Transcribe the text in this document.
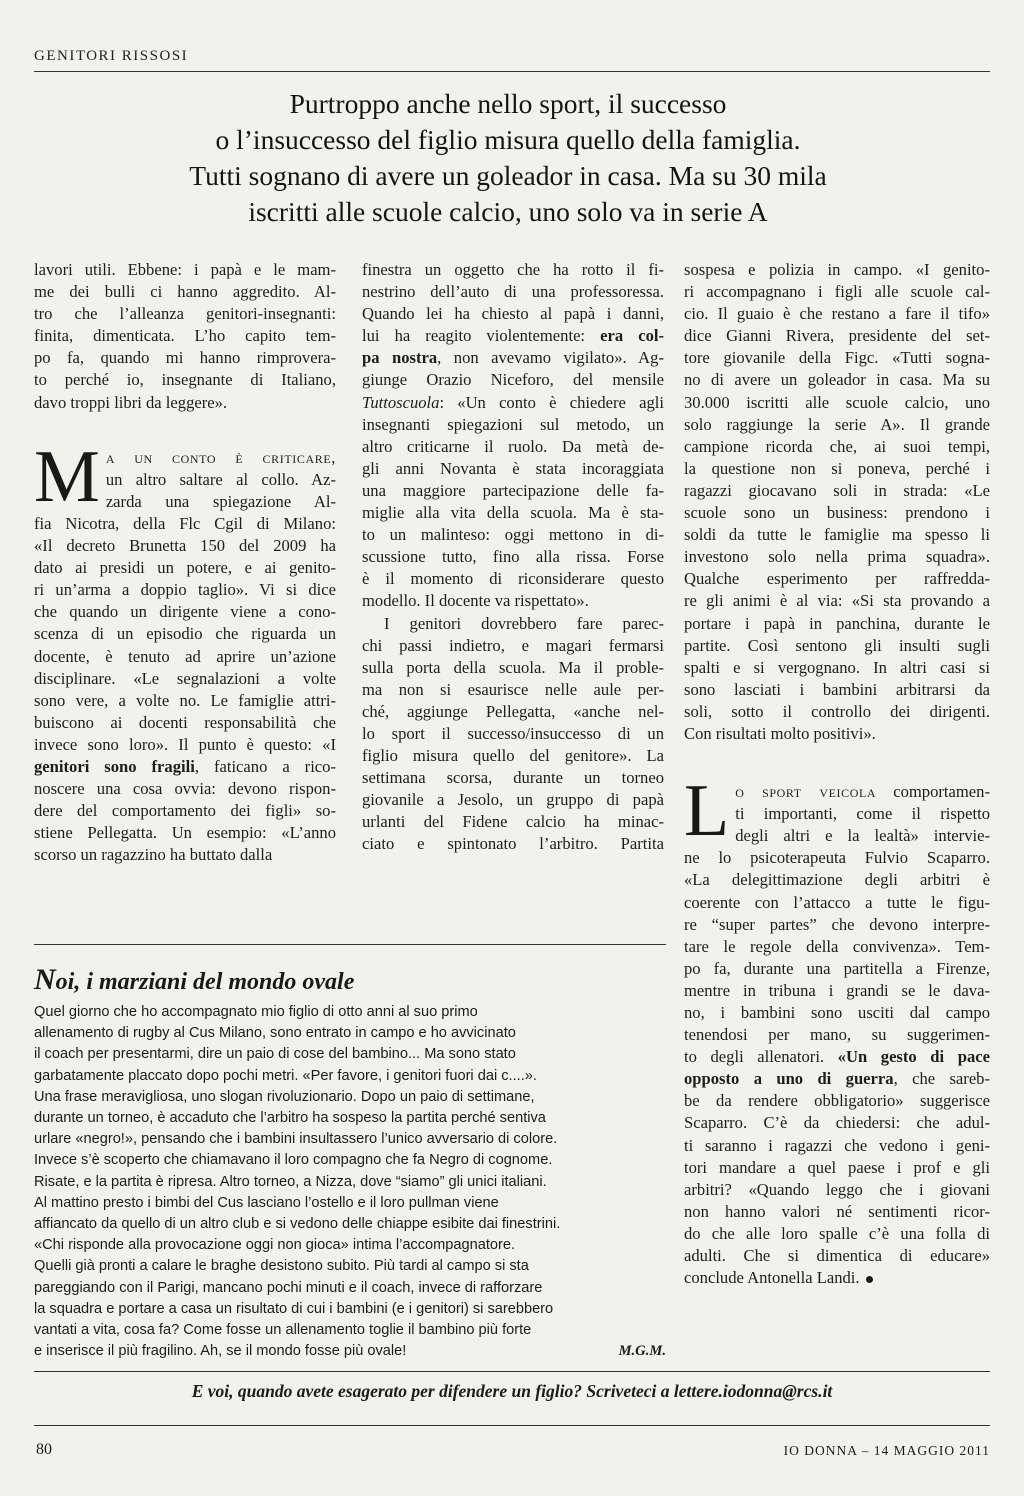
GENITORI RISSOSI
Purtroppo anche nello sport, il successo
o l’insuccesso del figlio misura quello della famiglia.
Tutti sognano di avere un goleador in casa. Ma su 30 mila
iscritti alle scuole calcio, uno solo va in serie A
lavori utili. Ebbene: i papà e le mam-
me dei bulli ci hanno aggredito. Al-
tro che l’alleanza genitori-insegnanti:
finita, dimenticata. L’ho capito tem-
po fa, quando mi hanno rimprovera-
to perché io, insegnante di Italiano,
davo troppi libri da leggere».
M a un conto è criticare,
un altro saltare al collo. Az-
zarda una spiegazione Al-
fia Nicotra, della Flc Cgil di Milano:
«Il decreto Brunetta 150 del 2009 ha
dato ai presidi un potere, e ai genito-
ri un’arma a doppio taglio». Vi si dice
che quando un dirigente viene a cono-
scenza di un episodio che riguarda un
docente, è tenuto ad aprire un’azione
disciplinare. «Le segnalazioni a volte
sono vere, a volte no. Le famiglie attri-
buiscono ai docenti responsabilità che
invece sono loro». Il punto è questo: «I
genitori sono fragili, faticano a rico-
noscere una cosa ovvia: devono rispon-
dere del comportamento dei figli» so-
stiene Pellegatta. Un esempio: «L’anno
scorso un ragazzino ha buttato dalla
finestra un oggetto che ha rotto il fi-
nestrino dell’auto di una professoressa.
Quando lei ha chiesto al papà i danni,
lui ha reagito violentemente: era col-
pa nostra, non avevamo vigilato». Ag-
giunge Orazio Niceforo, del mensile
Tuttoscuola: «Un conto è chiedere agli
insegnanti spiegazioni sul metodo, un
altro criticarne il ruolo. Da metà de-
gli anni Novanta è stata incoraggiata
una maggiore partecipazione delle fa-
miglie alla vita della scuola. Ma è sta-
to un malinteso: oggi mettono in di-
scussione tutto, fino alla rissa. Forse
è il momento di riconsiderare questo
modello. Il docente va rispettato».
I genitori dovrebbero fare parec-
chi passi indietro, e magari fermarsi
sulla porta della scuola. Ma il proble-
ma non si esaurisce nelle aule per-
ché, aggiunge Pellegatta, «anche nel-
lo sport il successo/insuccesso di un
figlio misura quello del genitore». La
settimana scorsa, durante un torneo
giovanile a Jesolo, un gruppo di papà
urlanti del Fidene calcio ha minac-
ciato e spintonato l’arbitro. Partita
sospesa e polizia in campo. «I genito-
ri accompagnano i figli alle scuole cal-
cio. Il guaio è che restano a fare il tifo»
dice Gianni Rivera, presidente del set-
tore giovanile della Figc. «Tutti sogna-
no di avere un goleador in casa. Ma su
30.000 iscritti alle scuole calcio, uno
solo raggiunge la serie A». Il grande
campione ricorda che, ai suoi tempi,
la questione non si poneva, perché i
ragazzi giocavano soli in strada: «Le
scuole sono un business: prendono i
soldi da tutte le famiglie ma spesso li
investono solo nella prima squadra».
Qualche esperimento per raffredda-
re gli animi è al via: «Si sta provando a
portare i papà in panchina, durante le
partite. Così sentono gli insulti sugli
spalti e si vergognano. In altri casi si
sono lasciati i bambini arbitrarsi da
soli, sotto il controllo dei dirigenti.
Con risultati molto positivi».
L o sport veicola comportamen-
ti importanti, come il rispetto
degli altri e la lealtà» intervie-
ne lo psicoterapeuta Fulvio Scaparro.
«La delegittimazione degli arbitri è
coerente con l’attacco a tutte le figu-
re “super partes” che devono interpre-
tare le regole della convivenza». Tem-
po fa, durante una partitella a Firenze,
mentre in tribuna i grandi se le dava-
no, i bambini sono usciti dal campo
tenendosi per mano, su suggerimen-
to degli allenatori. «Un gesto di pace
opposto a uno di guerra, che sareb-
be da rendere obbligatorio» suggerisce
Scaparro. C’è da chiedersi: che adul-
ti saranno i ragazzi che vedono i geni-
tori mandare a quel paese i prof e gli
arbitri? «Quando leggo che i giovani
non hanno valori né sentimenti ricor-
do che alle loro spalle c’è una folla di
adulti. Che si dimentica di educare»
conclude Antonella Landi.
Noi, i marziani del mondo ovale
Quel giorno che ho accompagnato mio figlio di otto anni al suo primo
allenamento di rugby al Cus Milano, sono entrato in campo e ho avvicinato
il coach per presentarmi, dire un paio di cose del bambino... Ma sono stato
garbatamente placcato dopo pochi metri. «Per favore, i genitori fuori dai c....».
Una frase meravigliosa, uno slogan rivoluzionario. Dopo un paio di settimane,
durante un torneo, è accaduto che l’arbitro ha sospeso la partita perché sentiva
urlare «negro!», pensando che i bambini insultassero l’unico avversario di colore.
Invece s’è scoperto che chiamavano il loro compagno che fa Negro di cognome.
Risate, e la partita è ripresa. Altro torneo, a Nizza, dove “siamo” gli unici italiani.
Al mattino presto i bimbi del Cus lasciano l’ostello e il loro pullman viene
affiancato da quello di un altro club e si vedono delle chiappe esibite dai finestrini.
«Chi risponde alla provocazione oggi non gioca» intima l’accompagnatore.
Quelli già pronti a calare le braghe desistono subito. Più tardi al campo si sta
pareggiando con il Parigi, mancano pochi minuti e il coach, invece di rafforzare
la squadra e portare a casa un risultato di cui i bambini (e i genitori) si sarebbero
vantati a vita, cosa fa? Come fosse un allenamento toglie il bambino più forte
e inserisce il più fragilino. Ah, se il mondo fosse più ovale!	M.G.M.
E voi, quando avete esagerato per difendere un figlio? Scriveteci a lettere.iodonna@rcs.it
80	IO DONNA – 14 MAGGIO 2011
